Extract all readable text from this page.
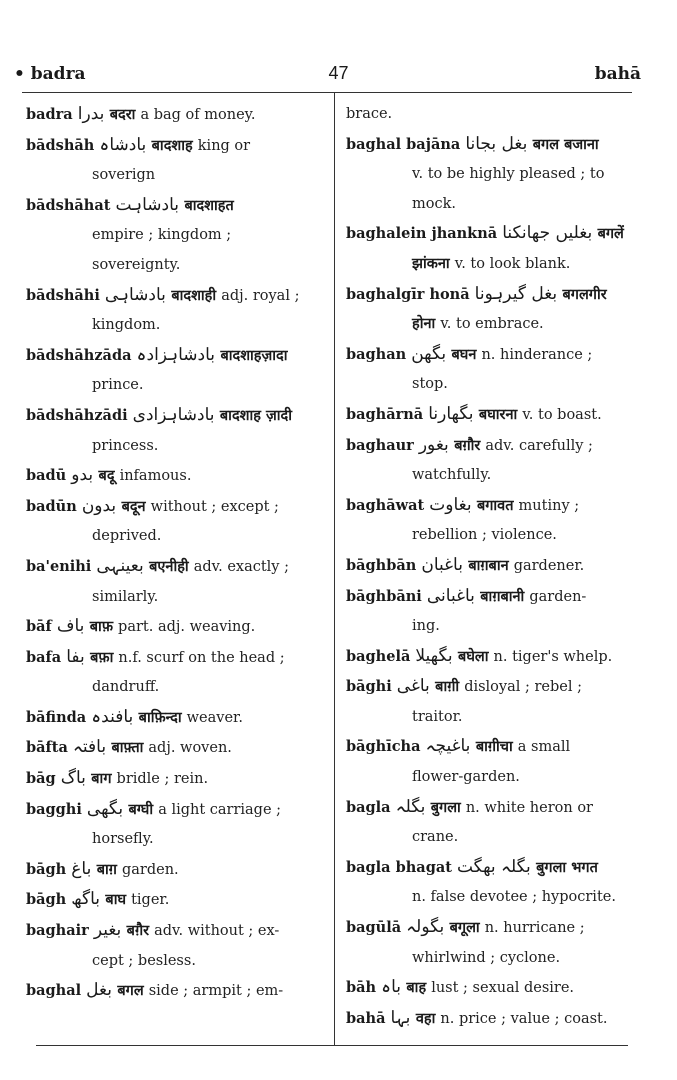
• badra	47	bahā
badra بدرا बदरा a bag of money.
bādshāh بادشاہ बादशाह king or
soverign
bādshāhat بادشاہت बादशाहत
empire ; kingdom ;
sovereignty.
bādshāhi بادشاہی बादशाही adj. royal ;
kingdom.
bādshāhzāda بادشاہزادہ बादशाहज़ादा
prince.
bādshāhzādi بادشاہزادی बादशाह ज़ादी
princess.
badū بدو बदू infamous.
badūn بدون बदून without ; except ;
deprived.
ba'enihi بعینہی बएनीही adv. exactly ;
similarly.
bāf باف बाफ़ part. adj. weaving.
bafa بفا बफ़ा n.f. scurf on the head ;
dandruff.
bāfinda بافندہ बाफ़िन्दा weaver.
bāfta بافتہ बाफ़्ता adj. woven.
bāg باگ बाग bridle ; rein.
bagghi بگھی बग्घी a light carriage ;
horsefly.
bāgh باغ बाग़ garden.
bāgh باگھ बाघ tiger.
baghair بغیر बग़ैर adv. without ; ex-
cept ; besless.
baghal بغل बगल side ; armpit ; em-
brace.
baghal bajāna بغل بجانا बगल बजाना
v. to be highly pleased ; to
mock.
baghalein jhanknā بغلیں جھانکنا बगलें
झांकना v. to look blank.
baghalgīr honā بغل گیرہونا बगलगीर
होना v. to embrace.
baghan بگھن बघन n. hinderance ;
stop.
baghārnā بگھارنا बघारना v. to boast.
baghaur بغور बग़ौर adv. carefully ;
watchfully.
baghāwat بغاوت बगावत mutiny ;
rebellion ; violence.
bāghbān باغبان बाग़बान gardener.
bāghbāni باغبانی बाग़बानी garden-
ing.
baghelā بگھیلا बघेला n. tiger's whelp.
bāghi باغی बाग़ी disloyal ; rebel ;
traitor.
bāghīcha باغیچہ बाग़ीचा a small
flower-garden.
bagla بگلہ बुगला n. white heron or
crane.
bagla bhagat بگلہ بھگت बुगला भगत
n. false devotee ; hypocrite.
bagūlā بگولہ बगूला n. hurricane ;
whirlwind ; cyclone.
bāh باہ बाह lust ; sexual desire.
bahā بہا वहा n. price ; value ; coast.
